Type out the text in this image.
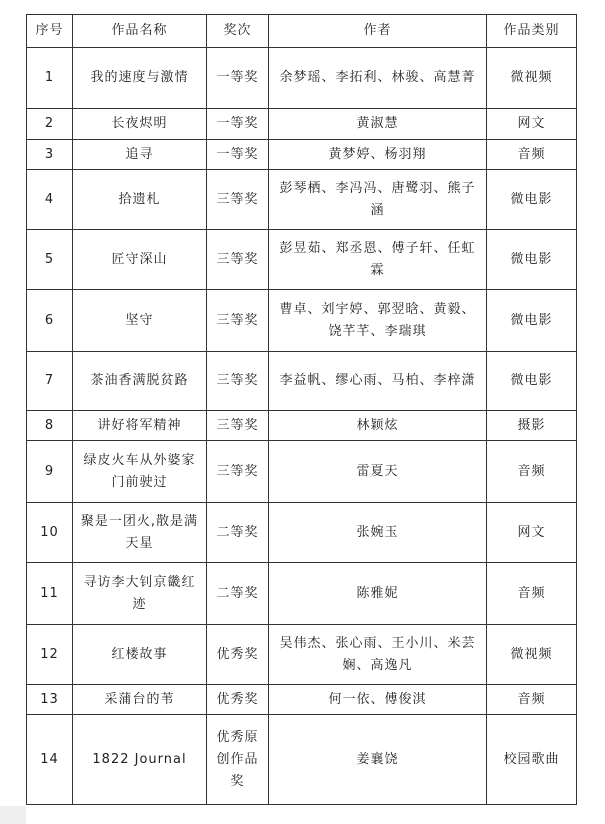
序号	作品名称	奖次	作者	作品类别
1	我的速度与激情	一等奖	余梦瑶、李拓利、林骏、高慧菁	微视频
2	长夜烬明	一等奖	黄淑慧	网文
3	追寻	一等奖	黄梦婷、杨羽翔	音频
4	拾遗札	三等奖	彭琴栖、李冯冯、唐鹭羽、熊子涵	微电影
5	匠守深山	三等奖	彭昱茹、郑丞恩、傅子轩、任虹霖	微电影
6	坚守	三等奖	曹卓、刘宇婷、郭翌晗、黄毅、饶芊芊、李瑞琪	微电影
7	茶油香满脱贫路	三等奖	李益帆、缪心雨、马柏、李梓潇	微电影
8	讲好将军精神	三等奖	林颖炫	摄影
9	绿皮火车从外婆家门前驶过	三等奖	雷夏天	音频
10	聚是一团火,散是满天星	二等奖	张婉玉	网文
11	寻访李大钊京畿红迹	二等奖	陈雅妮	音频
12	红楼故事	优秀奖	吴伟杰、张心雨、王小川、米芸娴、高逸凡	微视频
13	采蒲台的苇	优秀奖	何一依、傅俊淇	音频
14	1822 Journal	优秀原创作品奖	姜襄饶	校园歌曲
